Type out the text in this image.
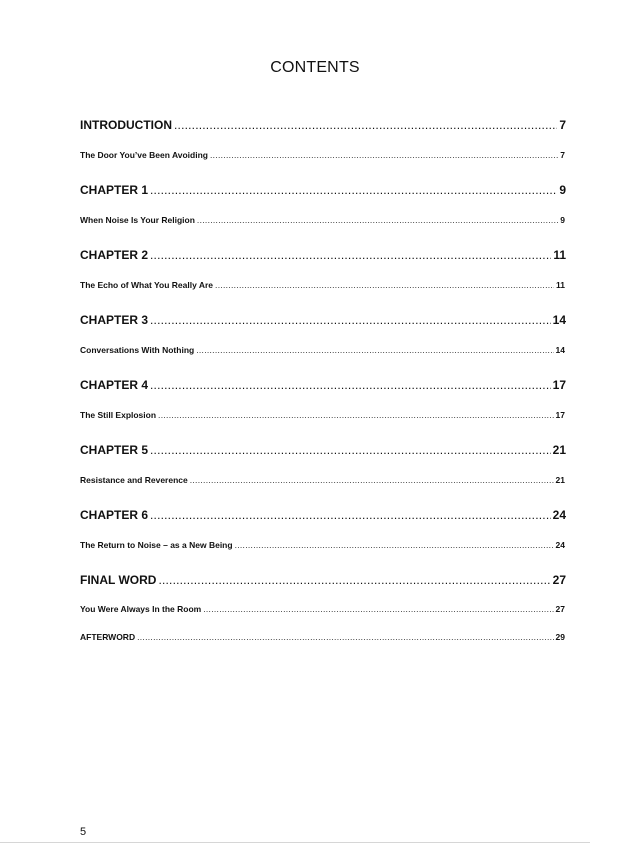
CONTENTS
INTRODUCTION .....	7
The Door You’ve Been Avoiding .....	7
CHAPTER 1 .....	9
When Noise Is Your Religion .....	9
CHAPTER 2 .....	11
The Echo of What You Really Are .....	11
CHAPTER 3 .....	14
Conversations With Nothing .....	14
CHAPTER 4 .....	17
The Still Explosion .....	17
CHAPTER 5 .....	21
Resistance and Reverence .....	21
CHAPTER 6 .....	24
The Return to Noise – as a New Being .....	24
FINAL WORD .....	27
You Were Always In the Room .....	27
AFTERWORD .....	29
5
